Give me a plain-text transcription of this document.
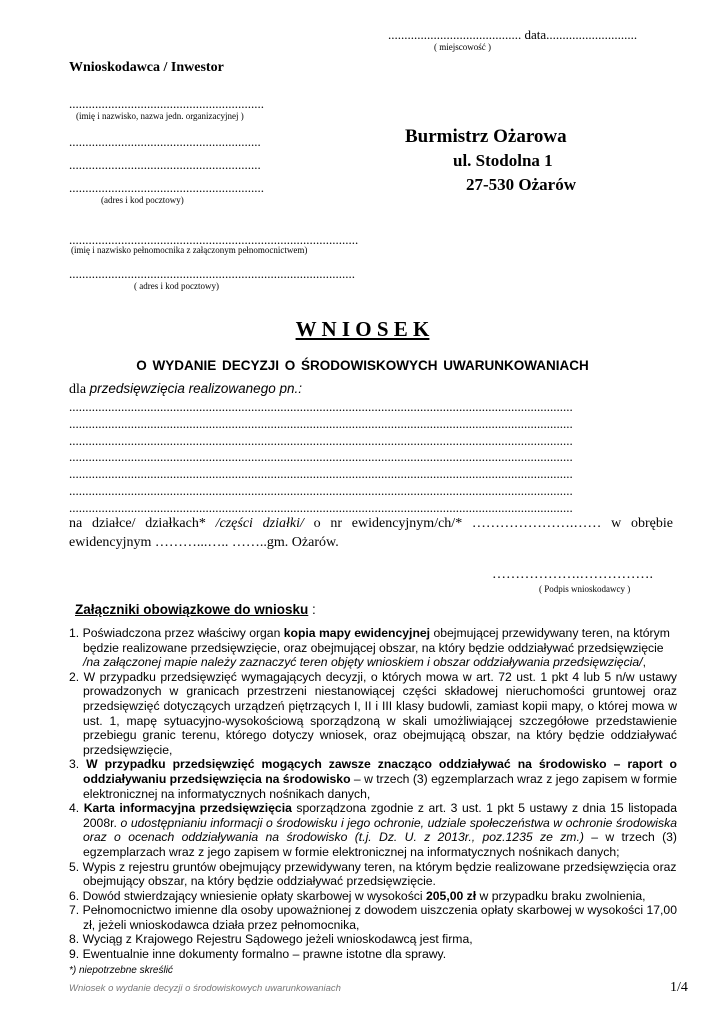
......................................... data............................
( miejscowość )
Wnioskodawca / Inwestor
............................................................
(imię i nazwisko, nazwa jedn. organizacyjnej )
...........................................................
...........................................................
............................................................
(adres i kod pocztowy)
.........................................................................................
(imię i nazwisko pełnomocnika z załączonym pełnomocnictwem)
........................................................................................
( adres i kod pocztowy)
Burmistrz Ożarowa
ul. Stodolna 1
27-530 Ożarów
W N I O S E K
O WYDANIE DECYZJI O ŚRODOWISKOWYCH UWARUNKOWANIACH
dla przedsięwzięcia realizowanego pn.:
...........................................................................................................................................................
...........................................................................................................................................................
...........................................................................................................................................................
...........................................................................................................................................................
...........................................................................................................................................................
...........................................................................................................................................................
...........................................................................................................................................................
na działce/ działkach* /części działki/ o nr ewidencyjnym/ch/* ………………….…… w obrębie
ewidencyjnym ………...….. ……..gm. Ożarów.
……………….…………….
( Podpis wnioskodawcy )
Załączniki obowiązkowe do wniosku :

1. Poświadczona przez właściwy organ kopia mapy ewidencyjnej obejmującej przewidywany teren, na którym będzie realizowane przedsięwzięcie, oraz obejmującej obszar, na który będzie oddziaływać przedsięwzięcie /na załączonej mapie należy zaznaczyć teren objęty wnioskiem i obszar oddziaływania przedsięwzięcia/,

2. W przypadku przedsięwzięć wymagających decyzji, o których mowa w art. 72 ust. 1 pkt 4 lub 5 n/w ustawy prowadzonych w granicach przestrzeni niestanowiącej części składowej nieruchomości gruntowej oraz przedsięwzięć dotyczących urządzeń piętrzących I, II i III klasy budowli, zamiast kopii mapy, o której mowa w ust. 1, mapę sytuacyjno-wysokościową sporządzoną w skali umożliwiającej szczegółowe przedstawienie przebiegu granic terenu, którego dotyczy wniosek, oraz obejmującą obszar, na który będzie oddziaływać przedsięwzięcie,

3. W przypadku przedsięwzięć mogących zawsze znacząco oddziaływać na środowisko – raport o oddziaływaniu przedsięwzięcia na środowisko – w trzech (3) egzemplarzach wraz z jego zapisem w formie elektronicznej na informatycznych nośnikach danych,

4. Karta informacyjna przedsięwzięcia sporządzona zgodnie z art. 3 ust. 1 pkt 5 ustawy z dnia 15 listopada 2008r. o udostępnianiu informacji o środowisku i jego ochronie, udziale społeczeństwa w ochronie środowiska oraz o ocenach oddziaływania na środowisko (t.j. Dz. U. z 2013r., poz.1235 ze zm.) – w trzech (3) egzemplarzach wraz z jego zapisem w formie elektronicznej na informatycznych nośnikach danych;

5. Wypis z rejestru gruntów obejmujący przewidywany teren, na którym będzie realizowane przedsięwzięcia oraz obejmujący obszar, na który będzie oddziaływać przedsięwzięcie.

6. Dowód stwierdzający wniesienie opłaty skarbowej w wysokości 205,00 zł w przypadku braku zwolnienia,

7. Pełnomocnictwo imienne dla osoby upoważnionej z dowodem uiszczenia opłaty skarbowej w wysokości 17,00 zł, jeżeli wnioskodawca działa przez pełnomocnika,

8. Wyciąg z Krajowego Rejestru Sądowego jeżeli wnioskodawcą jest firma,

9. Ewentualnie inne dokumenty formalno – prawne istotne dla sprawy.

*) niepotrzebne skreślić
Wniosek o wydanie decyzji o środowiskowych uwarunkowaniach	1/4
